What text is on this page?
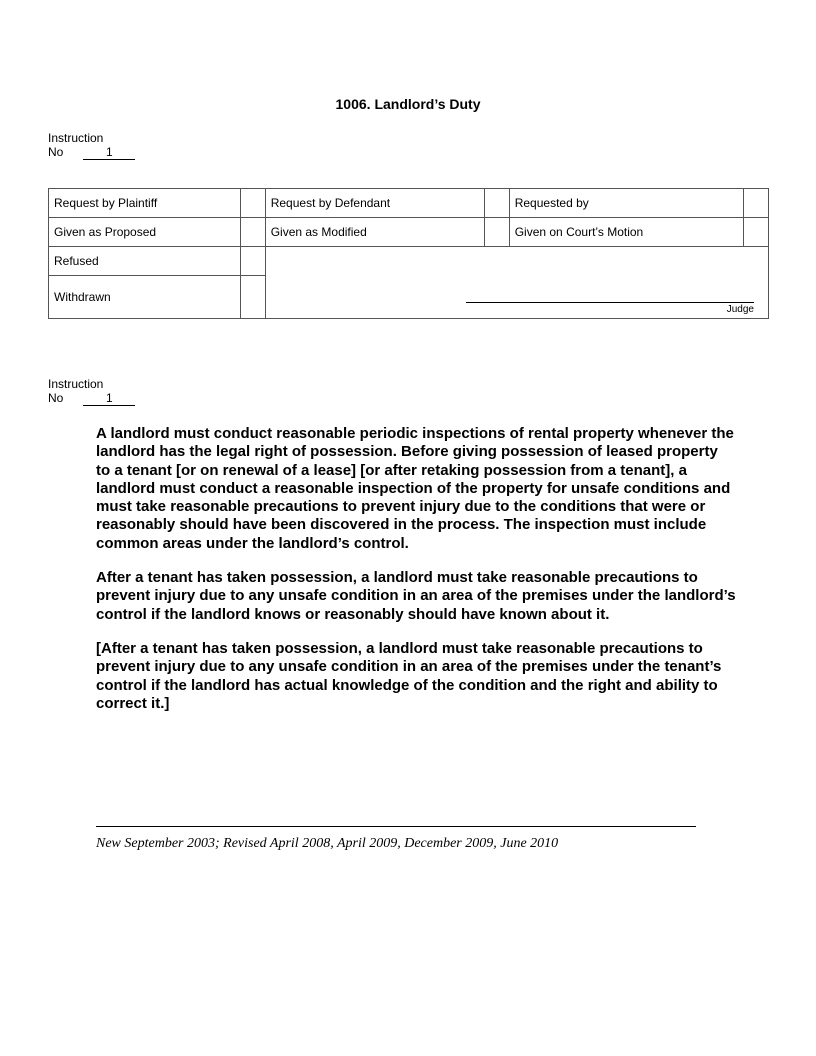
1006. Landlord’s Duty
Instruction
No	1
Request by Plaintiff		Request by Defendant		Requested by	
Given as Proposed		Given as Modified		Given on Court’s Motion	
Refused		Judge			

Withdrawn					
Instruction
No	1

A landlord must conduct reasonable periodic inspections of rental property whenever the landlord has the legal right of possession. Before giving possession of leased property to a tenant [or on renewal of a lease] [or after retaking possession from a tenant], a landlord must conduct a reasonable inspection of the property for unsafe conditions and must take reasonable precautions to prevent injury due to the conditions that were or reasonably should have been discovered in the process. The inspection must include common areas under the landlord’s control.

After a tenant has taken possession, a landlord must take reasonable precautions to prevent injury due to any unsafe condition in an area of the premises under the landlord’s control if the landlord knows or reasonably should have known about it.

[After a tenant has taken possession, a landlord must take reasonable precautions to prevent injury due to any unsafe condition in an area of the premises under the tenant’s control if the landlord has actual knowledge of the condition and the right and ability to correct it.]

New September 2003; Revised April 2008, April 2009, December 2009, June 2010
